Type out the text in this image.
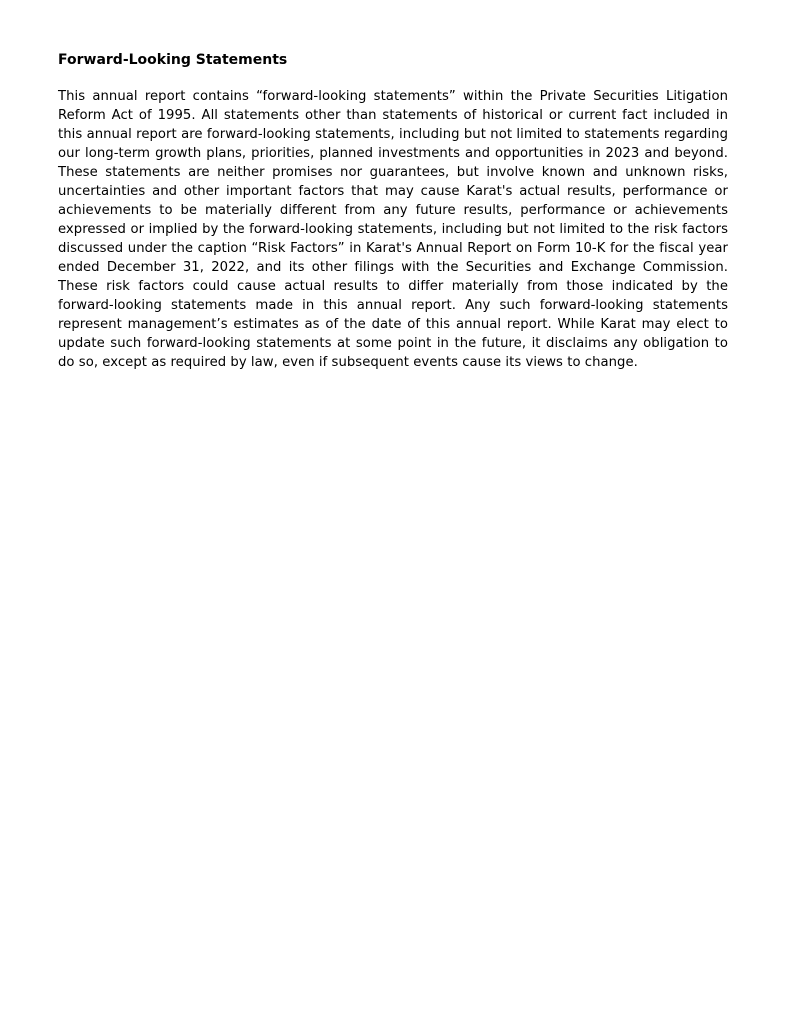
Forward-Looking Statements

This annual report contains “forward-looking statements” within the Private Securities Litigation Reform Act of 1995. All statements other than statements of historical or current fact included in this annual report are forward-looking statements, including but not limited to statements regarding our long-term growth plans, priorities, planned investments and opportunities in 2023 and beyond. These statements are neither promises nor guarantees, but involve known and unknown risks, uncertainties and other important factors that may cause Karat's actual results, performance or achievements to be materially different from any future results, performance or achievements expressed or implied by the forward-looking statements, including but not limited to the risk factors discussed under the caption “Risk Factors” in Karat's Annual Report on Form 10-K for the fiscal year ended December 31, 2022, and its other filings with the Securities and Exchange Commission. These risk factors could cause actual results to differ materially from those indicated by the forward-looking statements made in this annual report. Any such forward-looking statements represent management’s estimates as of the date of this annual report. While Karat may elect to update such forward-looking statements at some point in the future, it disclaims any obligation to do so, except as required by law, even if subsequent events cause its views to change.
